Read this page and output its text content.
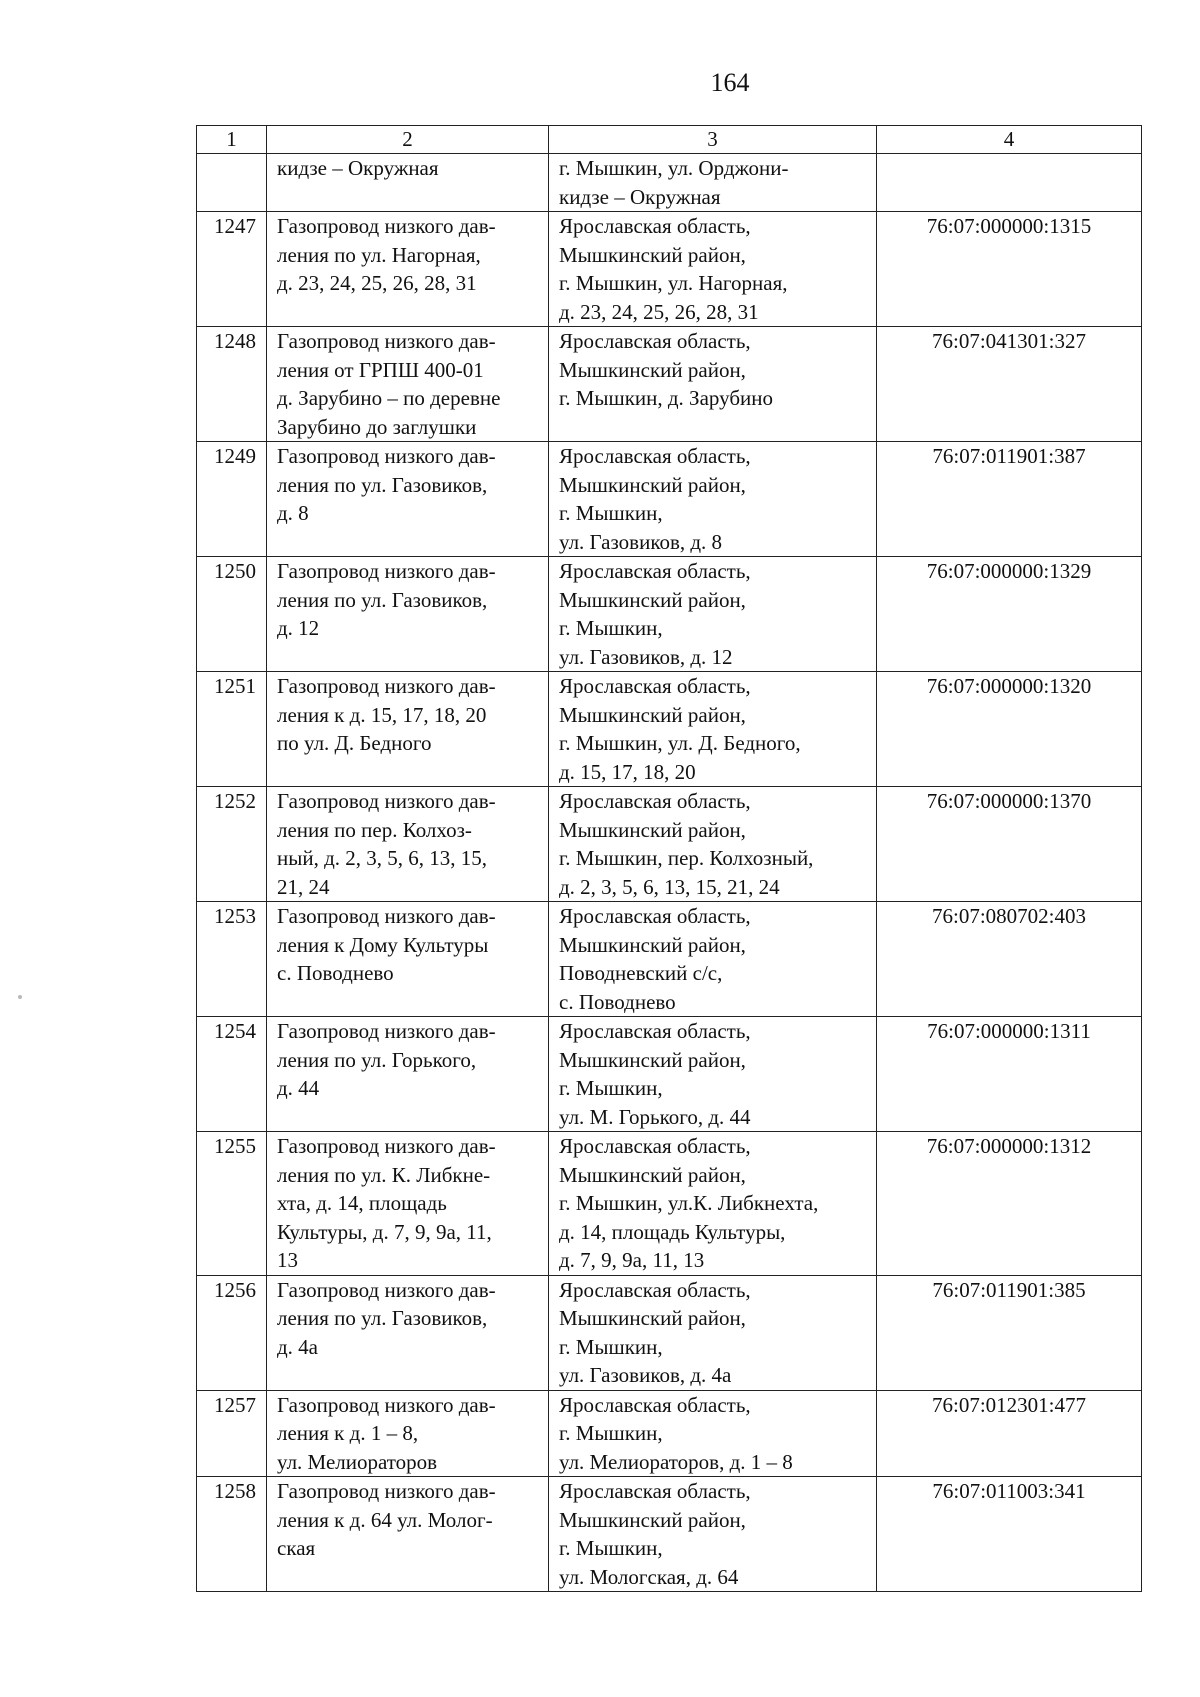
164
1	2	3	4
	кидзе – Окружная	г. Мышкин, ул. Орджони-
кидзе – Окружная	
1247	Газопровод низкого дав-
ления по ул. Нагорная,
д. 23, 24, 25, 26, 28, 31	Ярославская область,
Мышкинский район,
г. Мышкин, ул. Нагорная,
д. 23, 24, 25, 26, 28, 31	76:07:000000:1315
1248	Газопровод низкого дав-
ления от ГРПШ 400-01
д. Зарубино – по деревне
Зарубино до заглушки	Ярославская область,
Мышкинский район,
г. Мышкин, д. Зарубино	76:07:041301:327
1249	Газопровод низкого дав-
ления по ул. Газовиков,
д. 8	Ярославская область,
Мышкинский район,
г. Мышкин,
ул. Газовиков, д. 8	76:07:011901:387
1250	Газопровод низкого дав-
ления по ул. Газовиков,
д. 12	Ярославская область,
Мышкинский район,
г. Мышкин,
ул. Газовиков, д. 12	76:07:000000:1329
1251	Газопровод низкого дав-
ления к д. 15, 17, 18, 20
по ул. Д. Бедного	Ярославская область,
Мышкинский район,
г. Мышкин, ул. Д. Бедного,
д. 15, 17, 18, 20	76:07:000000:1320
1252	Газопровод низкого дав-
ления по пер. Колхоз-
ный, д. 2, 3, 5, 6, 13, 15,
21, 24	Ярославская область,
Мышкинский район,
г. Мышкин, пер. Колхозный,
д. 2, 3, 5, 6, 13, 15, 21, 24	76:07:000000:1370
1253	Газопровод низкого дав-
ления к Дому Культуры
с. Поводнево	Ярославская область,
Мышкинский район,
Поводневский с/с,
с. Поводнево	76:07:080702:403
1254	Газопровод низкого дав-
ления по ул. Горького,
д. 44	Ярославская область,
Мышкинский район,
г. Мышкин,
ул. М. Горького, д. 44	76:07:000000:1311
1255	Газопровод низкого дав-
ления по ул. К. Либкне-
хта, д. 14, площадь
Культуры, д. 7, 9, 9а, 11,
13	Ярославская область,
Мышкинский район,
г. Мышкин, ул.К. Либкнехта,
д. 14, площадь Культуры,
д. 7, 9, 9а, 11, 13	76:07:000000:1312
1256	Газопровод низкого дав-
ления по ул. Газовиков,
д. 4а	Ярославская область,
Мышкинский район,
г. Мышкин,
ул. Газовиков, д. 4а	76:07:011901:385
1257	Газопровод низкого дав-
ления к д. 1 – 8,
ул. Мелиораторов	Ярославская область,
г. Мышкин,
ул. Мелиораторов, д. 1 – 8	76:07:012301:477
1258	Газопровод низкого дав-
ления к д. 64 ул. Молог-
ская	Ярославская область,
Мышкинский район,
г. Мышкин,
ул. Мологская, д. 64	76:07:011003:341
